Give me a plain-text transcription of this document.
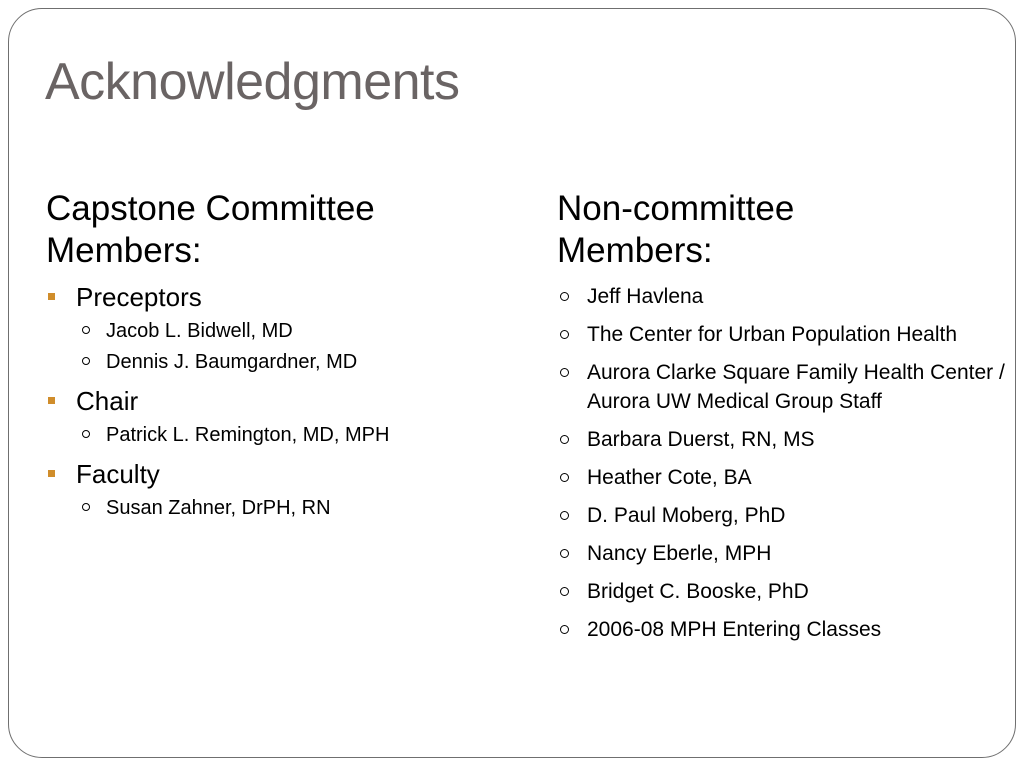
Acknowledgments
Capstone Committee
Members:
Preceptors
Jacob L. Bidwell, MD
Dennis J. Baumgardner, MD
Chair
Patrick L. Remington, MD, MPH
Faculty
Susan Zahner, DrPH, RN
Non-committee
Members:
Jeff Havlena
The Center for Urban Population Health
Aurora Clarke Square Family Health Center / Aurora UW Medical Group Staff
Barbara Duerst, RN, MS
Heather Cote, BA
D. Paul Moberg, PhD
Nancy Eberle, MPH
Bridget C. Booske, PhD
2006-08 MPH Entering Classes
